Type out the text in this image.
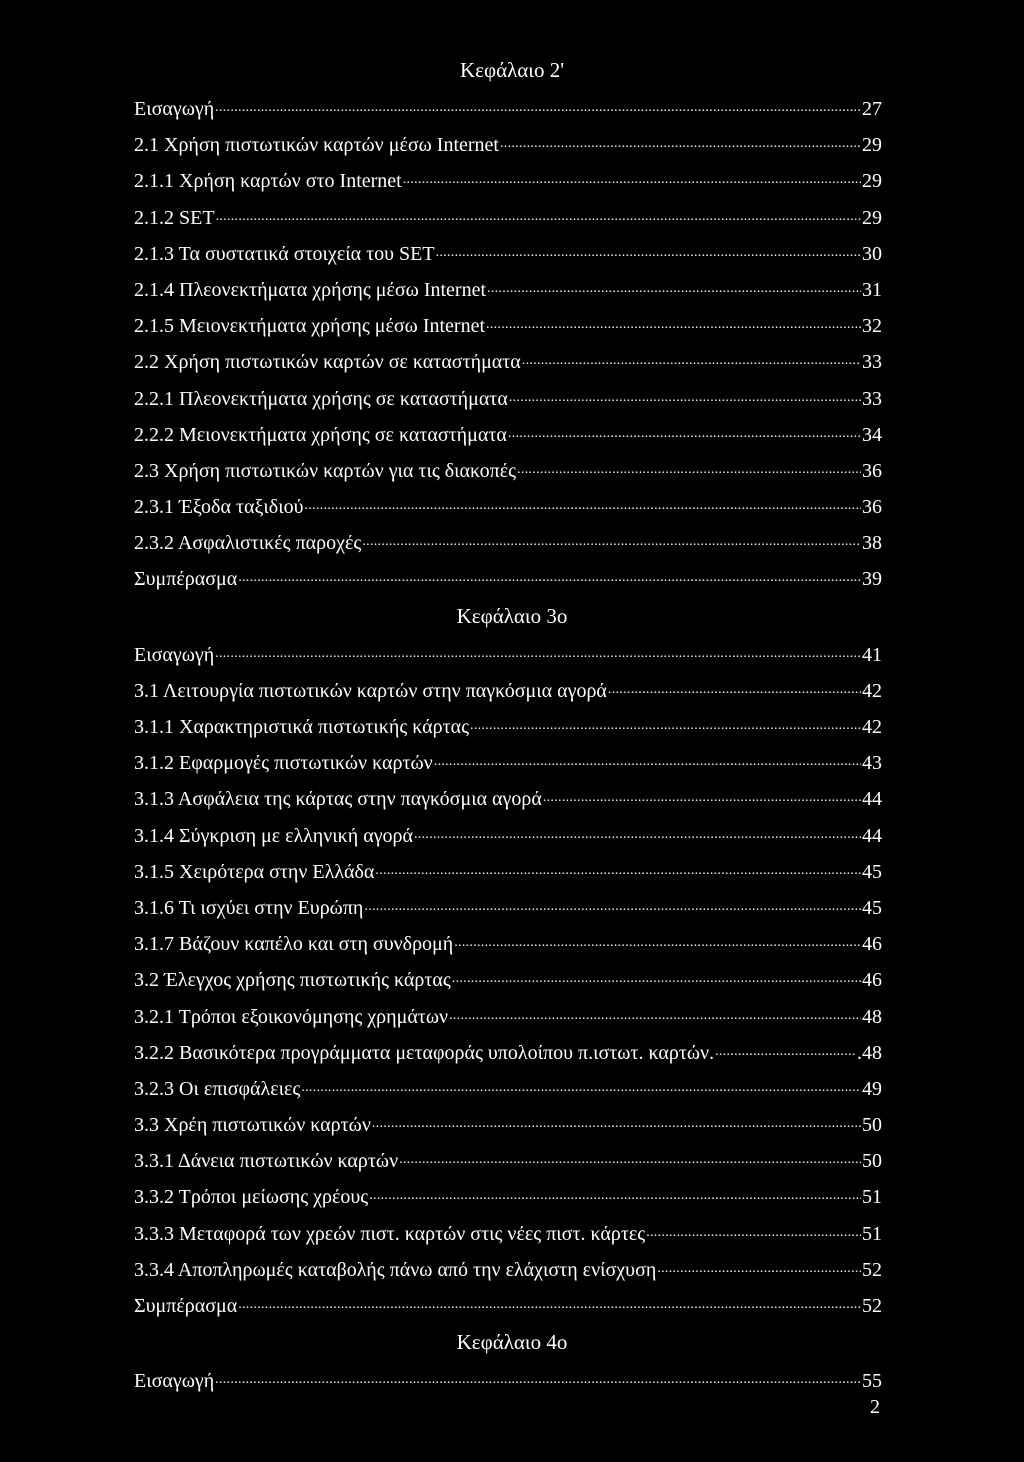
Κεφάλαιο 2'
Εισαγωγή .....	27
2.1 Χρήση πιστωτικών καρτών μέσω Internet .....	29
2.1.1 Χρήση καρτών στο Internet .....	29
2.1.2 SET .....	29
2.1.3 Τα συστατικά στοιχεία του SET .....	30
2.1.4 Πλεονεκτήματα χρήσης μέσω Internet .....	31
2.1.5 Μειονεκτήματα χρήσης μέσω Internet .....	32
2.2 Χρήση πιστωτικών καρτών σε καταστήματα .....	33
2.2.1 Πλεονεκτήματα χρήσης σε καταστήματα .....	33
2.2.2 Μειονεκτήματα χρήσης σε καταστήματα .....	34
2.3 Χρήση πιστωτικών καρτών για τις διακοπές .....	36
2.3.1 Έξοδα ταξιδιού .....	36
2.3.2 Ασφαλιστικές παροχές .....	38
Συμπέρασμα .....	39
Κεφάλαιο 3ο
Εισαγωγή .....	41
3.1 Λειτουργία πιστωτικών καρτών στην παγκόσμια αγορά .....	42
3.1.1 Χαρακτηριστικά πιστωτικής κάρτας .....	42
3.1.2 Εφαρμογές πιστωτικών καρτών .....	43
3.1.3 Ασφάλεια της κάρτας στην παγκόσμια αγορά .....	44
3.1.4 Σύγκριση με ελληνική αγορά .....	44
3.1.5 Χειρότερα στην Ελλάδα .....	45
3.1.6 Τι ισχύει στην Ευρώπη .....	45
3.1.7 Βάζουν καπέλο και στη συνδρομή .....	46
3.2 Έλεγχος χρήσης πιστωτικής κάρτας .....	46
3.2.1 Τρόποι εξοικονόμησης χρημάτων .....	48
3.2.2 Βασικότερα προγράμματα μεταφοράς υπολοίπου π.ιστωτ. καρτών. .....	.48
3.2.3 Οι επισφάλειες .....	49
3.3 Χρέη πιστωτικών καρτών .....	50
3.3.1 Δάνεια πιστωτικών καρτών .....	50
3.3.2 Τρόποι μείωσης χρέους .....	51
3.3.3 Μεταφορά των χρεών πιστ. καρτών στις νέες πιστ. κάρτες .....	51
3.3.4 Αποπληρωμές καταβολής πάνω από την ελάχιστη ενίσχυση .....	52
Συμπέρασμα .....	52
Κεφάλαιο 4ο
Εισαγωγή .....	55
2
